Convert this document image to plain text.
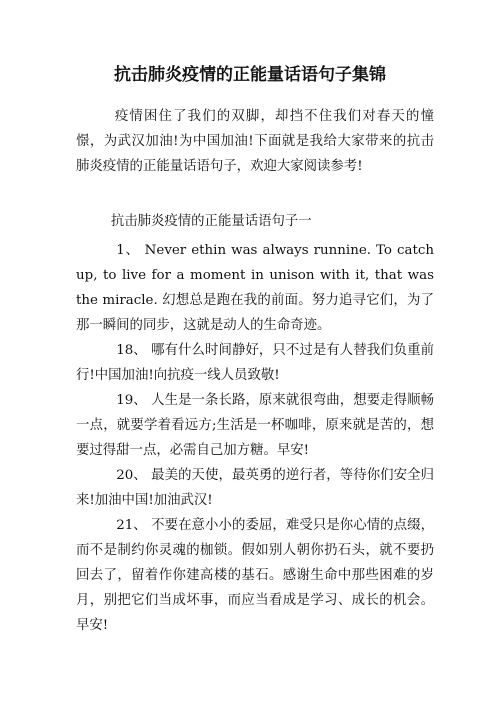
抗击肺炎疫情的正能量话语句子集锦

疫情困住了我们的双脚，却挡不住我们对春天的憧憬，为武汉加油!为中国加油!下面就是我给大家带来的抗击肺炎疫情的正能量话语句子，欢迎大家阅读参考!

抗击肺炎疫情的正能量话语句子一

1、 Never ethin was always runnine. To catch up, to live for a moment in unison with it, that was the miracle. 幻想总是跑在我的前面。努力追寻它们，为了那一瞬间的同步，这就是动人的生命奇迹。

18、 哪有什么时间静好，只不过是有人替我们负重前行!中国加油!向抗疫一线人员致敬!

19、 人生是一条长路，原来就很弯曲，想要走得顺畅一点，就要学着看远方;生活是一杯咖啡，原来就是苦的，想要过得甜一点，必需自己加方糖。早安!

20、 最美的天使，最英勇的逆行者，等待你们安全归来!加油中国!加油武汉!

21、 不要在意小小的委屈，难受只是你心情的点缀，而不是制约你灵魂的枷锁。假如别人朝你扔石头，就不要扔回去了，留着作你建高楼的基石。感谢生命中那些困难的岁月，别把它们当成坏事，而应当看成是学习、成长的机会。早安!
